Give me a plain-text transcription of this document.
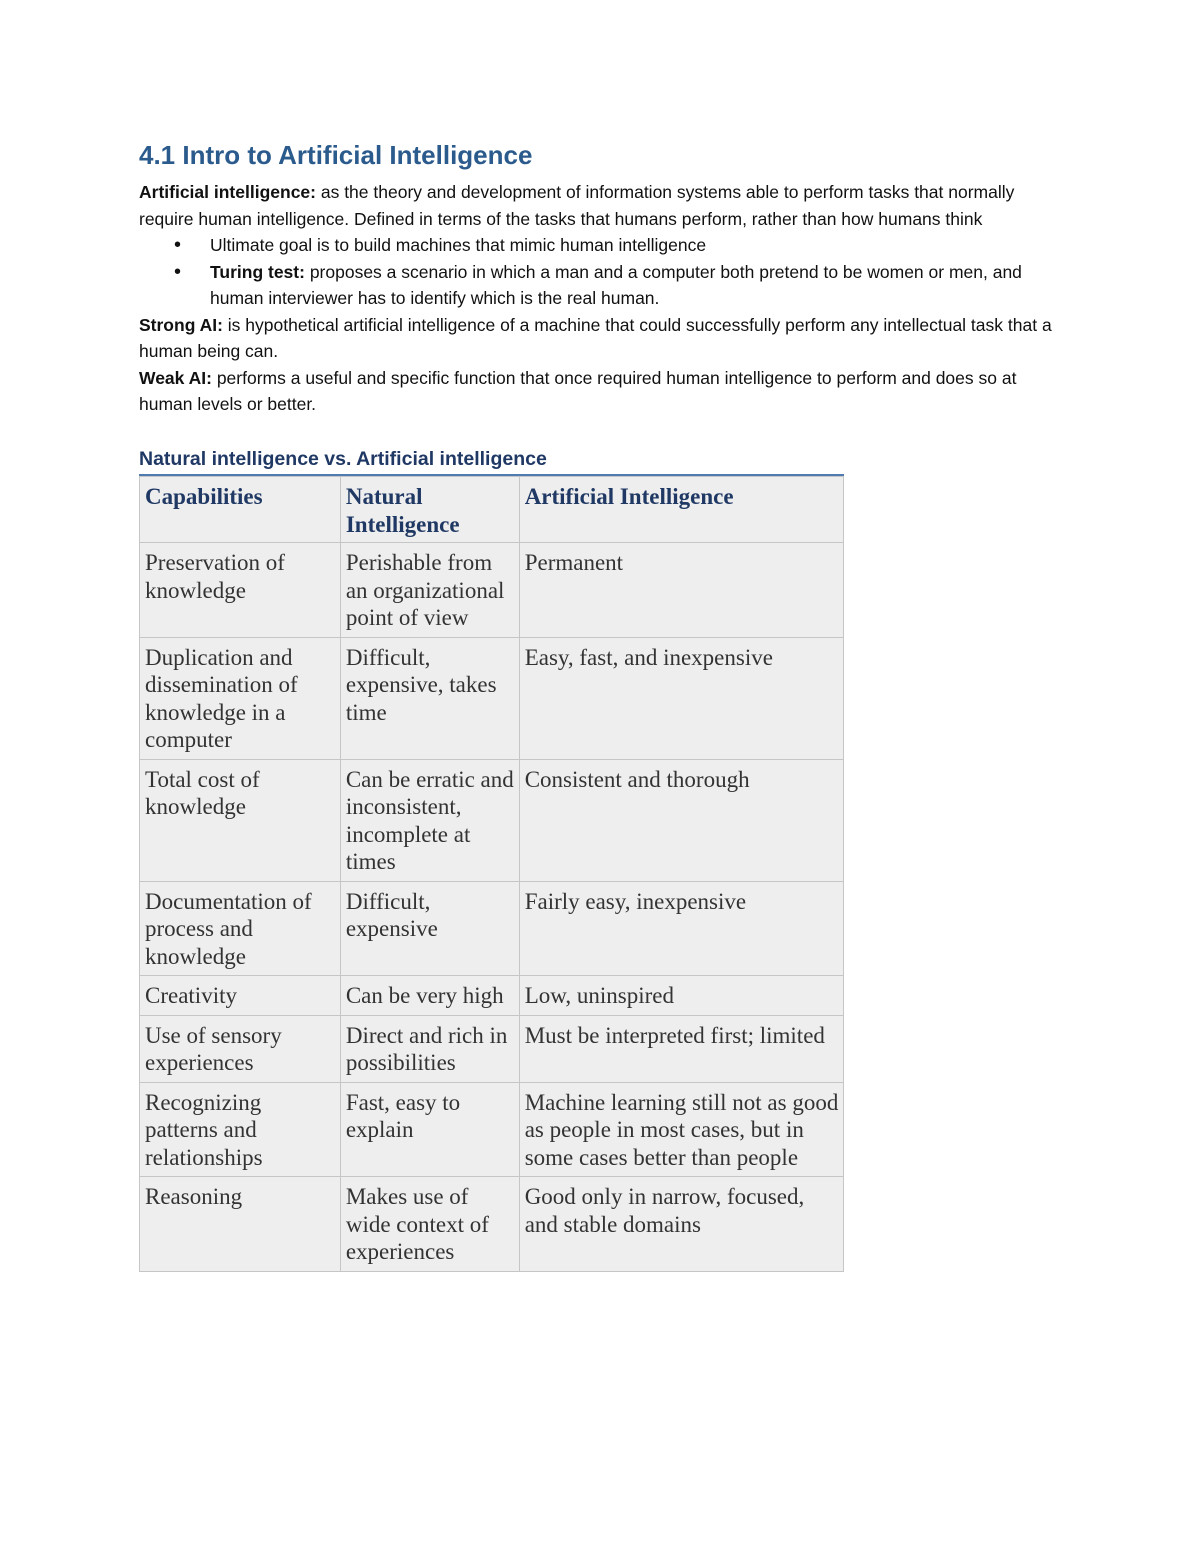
4.1 Intro to Artificial Intelligence

Artificial intelligence: as the theory and development of information systems able to perform tasks that normally require human intelligence. Defined in terms of the tasks that humans perform, rather than how humans think

• Ultimate goal is to build machines that mimic human intelligence
• Turing test: proposes a scenario in which a man and a computer both pretend to be women or men, and human interviewer has to identify which is the real human.

Strong AI: is hypothetical artificial intelligence of a machine that could successfully perform any intellectual task that a human being can.

Weak AI: performs a useful and specific function that once required human intelligence to perform and does so at human levels or better.

Natural intelligence vs. Artificial intelligence
Capabilities	Natural Intelligence	Artificial Intelligence
Preservation of knowledge	Perishable from an organizational point of view	Permanent
Duplication and dissemination of knowledge in a computer	Difficult, expensive, takes time	Easy, fast, and inexpensive
Total cost of knowledge	Can be erratic and inconsistent, incomplete at times	Consistent and thorough
Documentation of process and knowledge	Difficult, expensive	Fairly easy, inexpensive
Creativity	Can be very high	Low, uninspired
Use of sensory experiences	Direct and rich in possibilities	Must be interpreted first; limited
Recognizing patterns and relationships	Fast, easy to explain	Machine learning still not as good as people in most cases, but in some cases better than people
Reasoning	Makes use of wide context of experiences	Good only in narrow, focused, and stable domains
